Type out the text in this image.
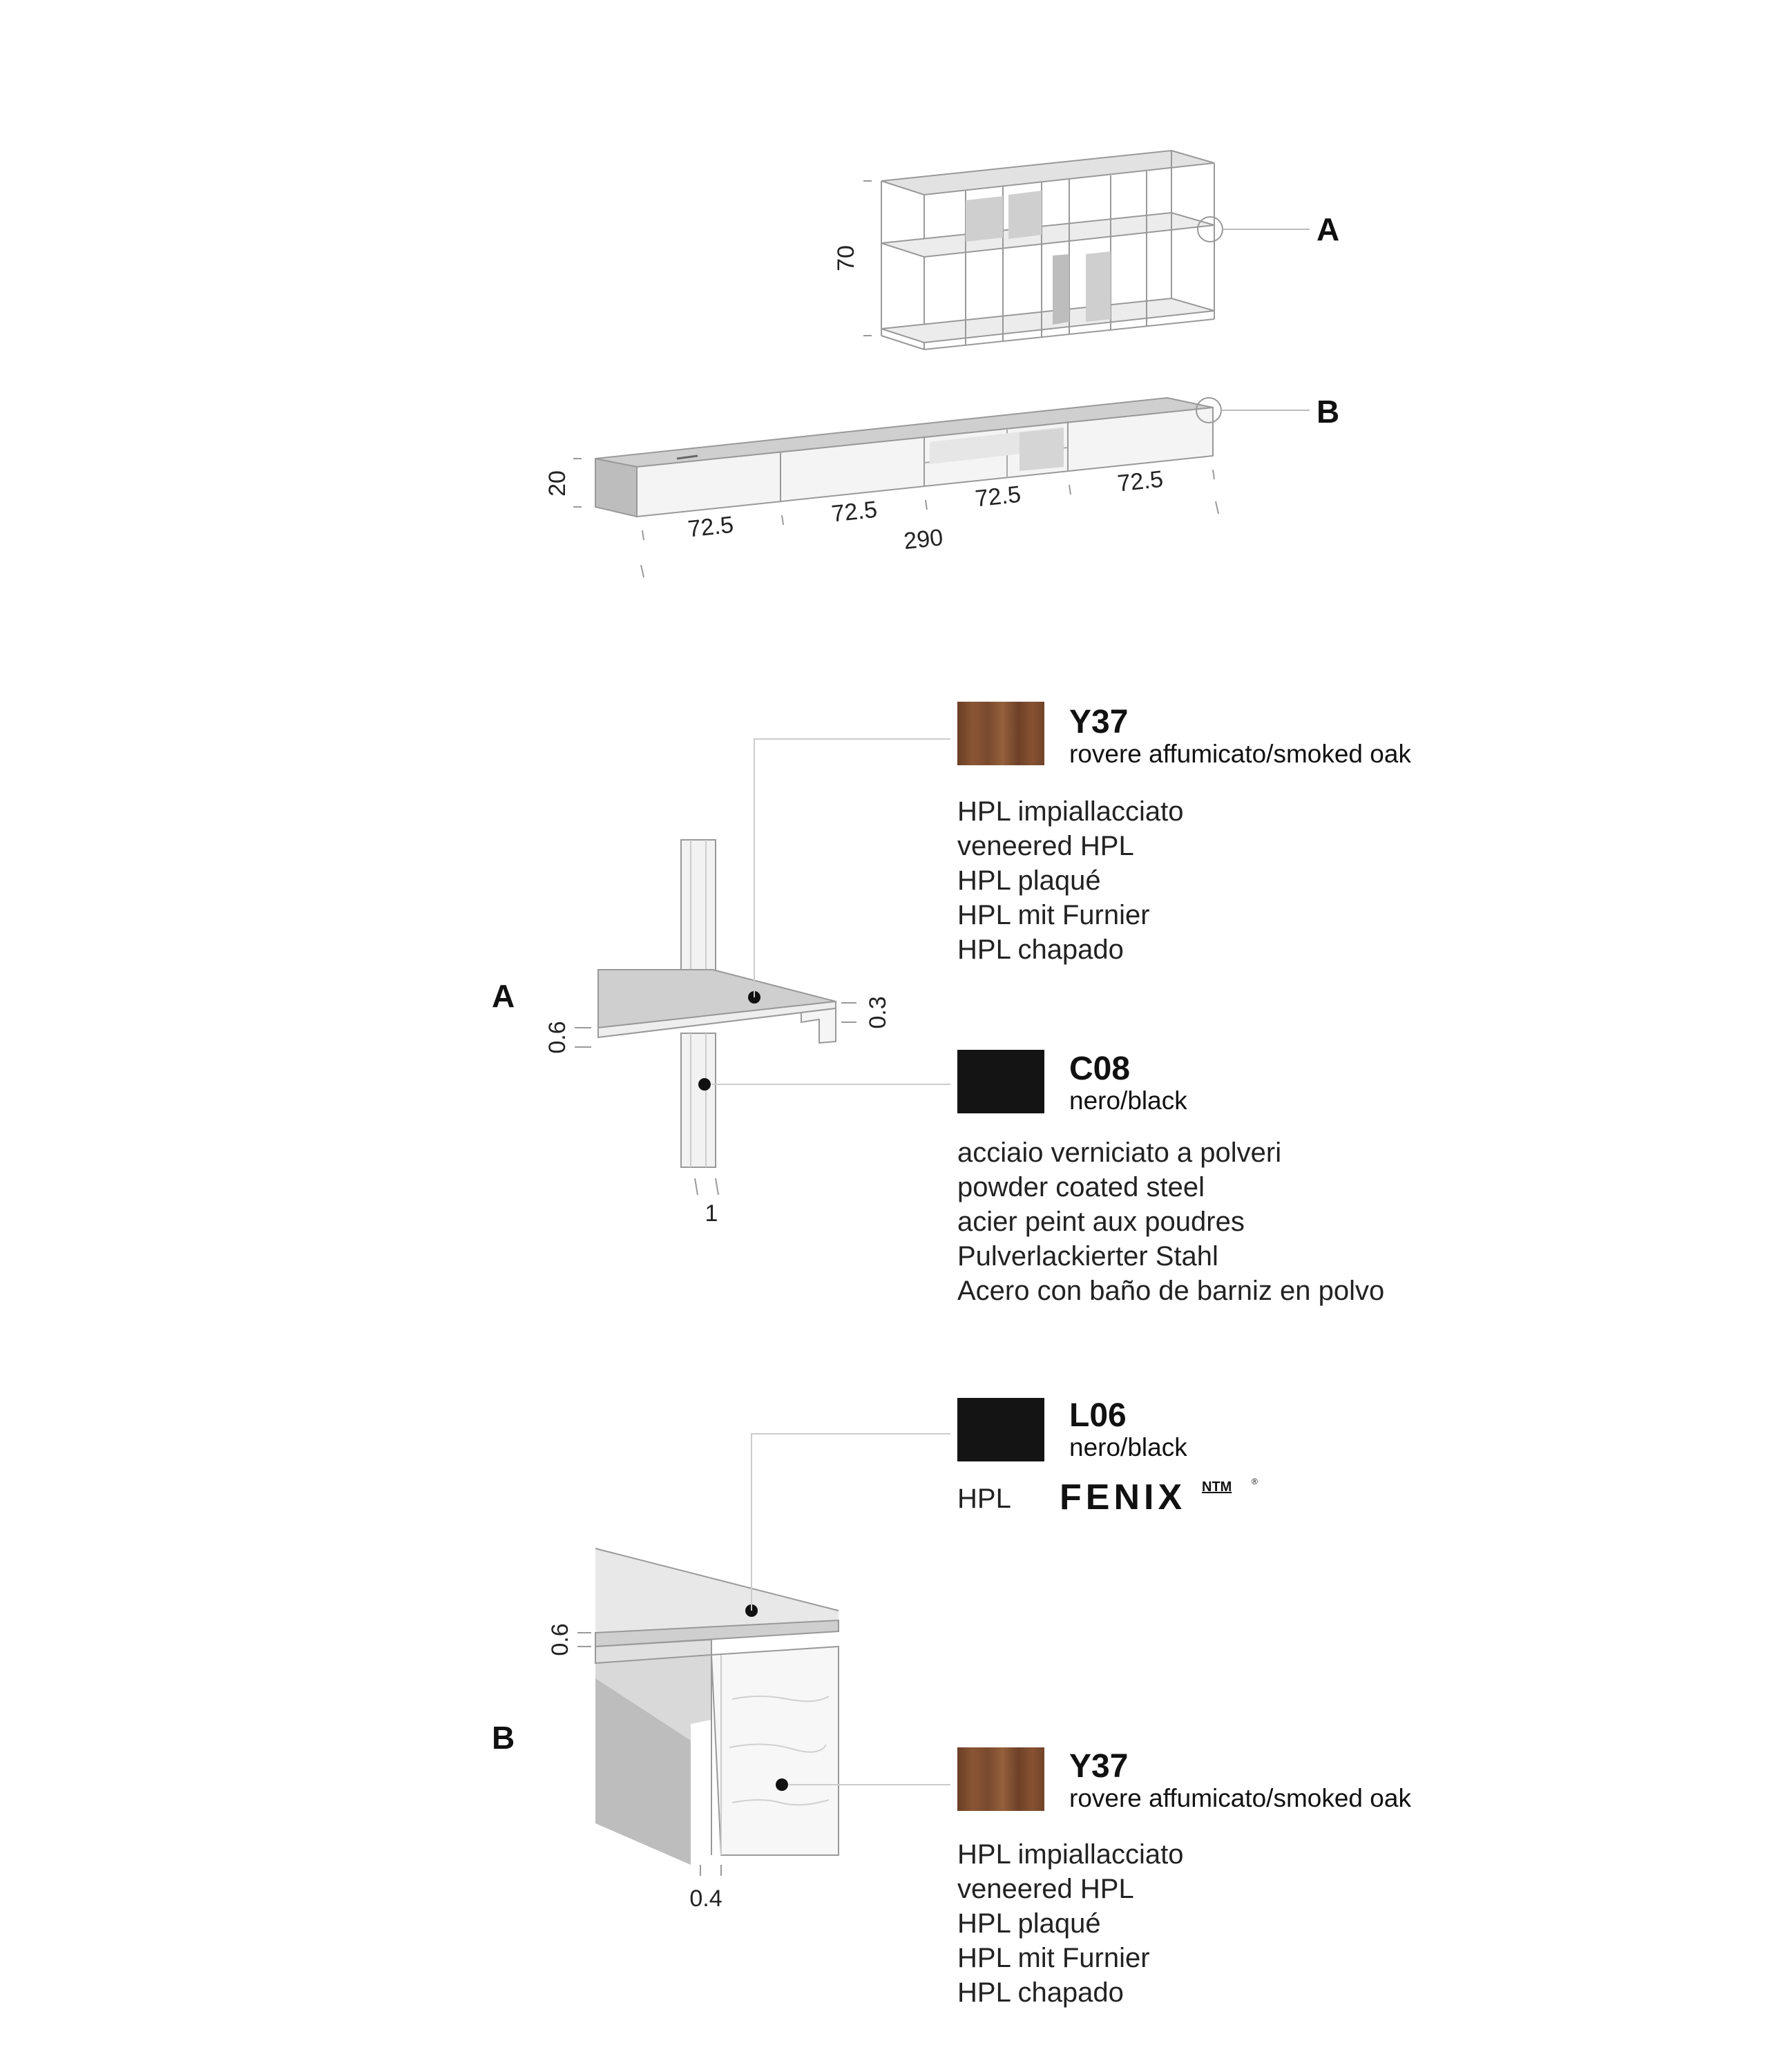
70
A
20
72.5	72.5	72.5	72.5
290
B
A
0.6
0.3
1
B
0.6
0.4
Y37
rovere affumicato/smoked oak
HPL impiallacciato
veneered HPL
HPL plaqué
HPL mit Furnier
HPL chapado
C08
nero/black
acciaio verniciato a polveri
powder coated steel
acier peint aux poudres
Pulverlackierter Stahl
Acero con baño de barniz en polvo
L06
nero/black
HPL FENIX NTM ®
Y37
rovere affumicato/smoked oak
HPL impiallacciato
veneered HPL
HPL plaqué
HPL mit Furnier
HPL chapado
